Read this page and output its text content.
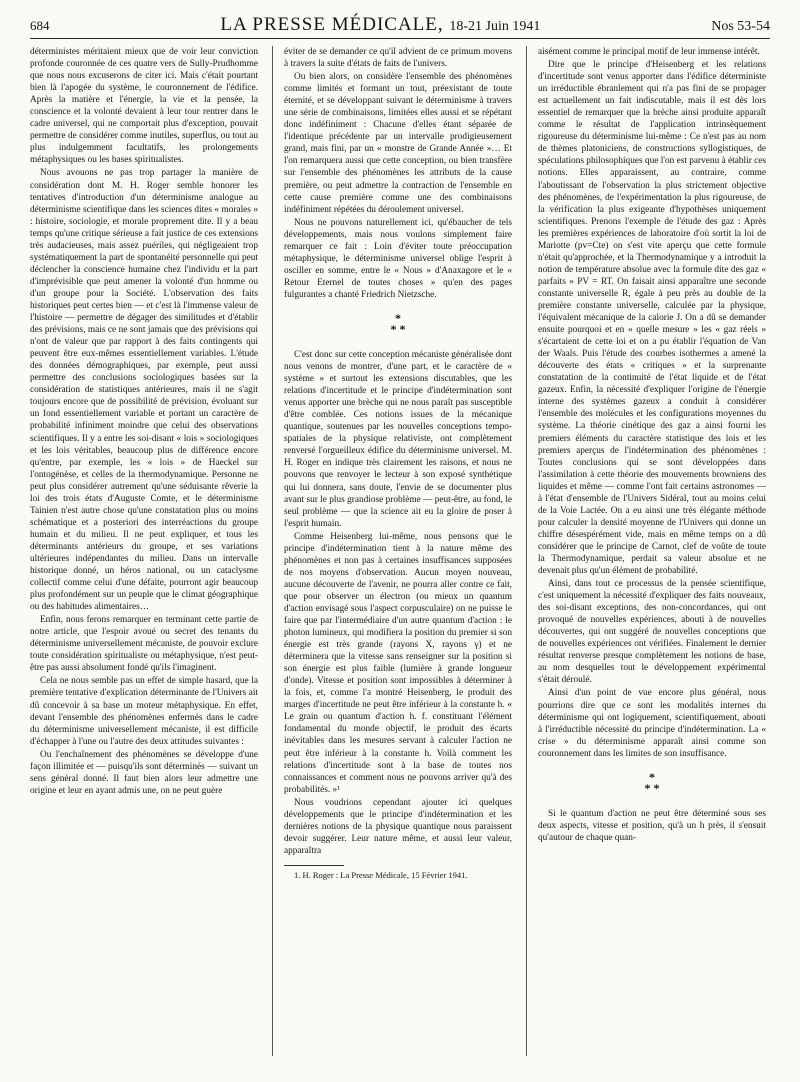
684	LA PRESSE MÉDICALE, 18-21 Juin 1941	Nos 53-54

déterministes méritaient mieux que de voir leur conviction profonde couronnée de ces quatre vers de Sully-Prudhomme que nous nous excuserons de citer ici. Mais c'était pourtant bien là l'apogée du système, le couronnement de l'édifice. Après la matière et l'énergie, la vie et la pensée, la conscience et la volonté devaient à leur tour rentrer dans le cadre universel, qui ne comportait plus d'exception, pouvait permettre de considérer comme inutiles, superflus, ou tout au plus indulgemment facultatifs, les prolongements métaphysiques ou les bases spiritualistes.

Nous avouons ne pas trop partager la manière de considération dont M. H. Roger semble honorer les tentatives d'introduction d'un déterminisme analogue au déterminisme scientifique dans les sciences dites « morales » : histoire, sociologie, et morale proprement dite. Il y a beau temps qu'une critique sérieuse a fait justice de ces extensions très audacieuses, mais assez puériles, qui négligeaient trop systématiquement la part de spontanéité personnelle qui peut déclencher la conscience humaine chez l'individu et la part d'imprévisible que peut amener la volonté d'un homme ou d'un groupe pour la Société. L'observation des faits historiques peut certes bien — et c'est là l'immense valeur de l'histoire — permettre de dégager des similitudes et d'établir des prévisions, mais ce ne sont jamais que des prévisions qui n'ont de valeur que par rapport à des faits contingents qui peuvent être eux-mêmes essentiellement variables. L'étude des données démographiques, par exemple, peut aussi permettre des conclusions sociologiques basées sur la considération de statistiques antérieures, mais il ne s'agit toujours encore que de possibilité de prévision, évoluant sur un fond essentiellement variable et portant un caractère de probabilité infiniment moindre que celui des observations scientifiques. Il y a entre les soi-disant « lois » sociologiques et les lois véritables, beaucoup plus de différence encore qu'entre, par exemple, les « lois » de Haeckel sur l'ontogénèse, et celles de la thermodynamique. Personne ne peut plus considérer autrement qu'une séduisante rêverie la loi des trois états d'Auguste Comte, et le déterminisme Tainien n'est autre chose qu'une constatation plus ou moins schématique et a posteriori des interréactions du groupe humain et du milieu. Il ne peut expliquer, et tous les déterminants antérieurs du groupe, et ses variations ultérieures indépendantes du milieu. Dans un intervalle historique donné, un héros national, ou un cataclysme collectif comme celui d'une défaite, pourront agir beaucoup plus profondément sur un peuple que le climat géographique ou des habitudes alimentaires…

Enfin, nous ferons remarquer en terminant cette partie de notre article, que l'espoir avoué ou secret des tenants du déterminisme universellement mécaniste, de pouvoir exclure toute considération spiritualiste ou métaphysique, n'est peut-être pas aussi absolument fondé qu'ils l'imaginent.

Cela ne nous semble pas un effet de simple hasard, que la première tentative d'explication déterminante de l'Univers ait dû concevoir à sa base un moteur métaphysique. En effet, devant l'ensemble des phénomènes enfermés dans le cadre du déterminisme universellement mécaniste, il est difficile d'échapper à l'une ou l'autre des deux attitudes suivantes :

Ou l'enchaînement des phénomènes se développe d'une façon illimitée et — puisqu'ils sont déterminés — suivant un sens général donné. Il faut bien alors leur admettre une origine et leur en ayant admis une, on ne peut guère

éviter de se demander ce qu'il advient de ce primum movens à travers la suite d'états de faits de l'univers.

Ou bien alors, on considère l'ensemble des phénomènes comme limités et formant un tout, préexistant de toute éternité, et se développant suivant le déterminisme à travers une série de combinaisons, limitées elles aussi et se répétant donc indéfiniment : Chacune d'elles étant séparée de l'identique précédente par un intervalle prodigieusement grand, mais fini, par un « monstre de Grande Année »… Et l'on remarquera aussi que cette conception, ou bien transfère sur l'ensemble des phénomènes les attributs de la cause première, ou peut admettre la contraction de l'ensemble en cette cause première comme une des combinaisons indéfiniment répétées du déroulement universel.

Nous ne pouvons naturellement ici, qu'ébaucher de tels développements, mais nous voulons simplement faire remarquer ce fait : Loin d'éviter toute préoccupation métaphysique, le déterminisme universel oblige l'esprit à osciller en somme, entre le « Nous » d'Anaxagore et le « Retour Eternel de toutes choses » qu'en des pages fulgurantes a chanté Friedrich Nietzsche.

*
* *

C'est donc sur cette conception mécaniste généralisée dont nous venons de montrer, d'une part, et le caractère de « système » et surtout les extensions discutables, que les relations d'incertitude et le principe d'indétermination sont venus apporter une brèche qui ne nous paraît pas susceptible d'être comblée. Ces notions issues de la mécanique quantique, soutenues par les nouvelles conceptions tempo-spatiales de la physique relativiste, ont complètement renversé l'orgueilleux édifice du déterminisme universel. M. H. Roger en indique très clairement les raisons, et nous ne pouvons que renvoyer le lecteur à son exposé synthétique qui lui donnera, sans doute, l'envie de se documenter plus avant sur le plus grandiose problème — peut-être, au fond, le seul problème — que la science ait eu la gloire de poser à l'esprit humain.

Comme Heisenberg lui-même, nous pensons que le principe d'indétermination tient à la nature même des phénomènes et non pas à certaines insuffisances supposées de nos moyens d'observation. Aucun moyen nouveau, aucune découverte de l'avenir, ne pourra aller contre ce fait, que pour observer un électron (ou mieux un quantum d'action envisagé sous l'aspect corpusculaire) on ne puisse le faire que par l'intermédiaire d'un autre quantum d'action : le photon lumineux, qui modifiera la position du premier si son énergie est très grande (rayons X, rayons γ) et ne déterminera que la vitesse sans renseigner sur la position si son énergie est plus faible (lumière à grande longueur d'onde). Vitesse et position sont impossibles à déterminer à la fois, et, comme l'a montré Heisenberg, le produit des marges d'incertitude ne peut être inférieur à la constante h. « Le grain ou quantum d'action h. f. constituant l'élément fondamental du monde objectif, le produit des écarts inévitables dans les mesures servant à calculer l'action ne peut être inférieur à la constante h. Voilà comment les relations d'incertitude sont à la base de toutes nos connaissances et comment nous ne pouvons arriver qu'à des probabilités. »¹

Nous voudrions cependant ajouter ici quelques développements que le principe d'indétermination et les dernières notions de la physique quantique nous paraissent devoir suggérer. Leur nature même, et aussi leur valeur, apparaîtra

1. H. Roger : La Presse Médicale, 15 Février 1941.

aisément comme le principal motif de leur immense intérêt.

Dire que le principe d'Heisenberg et les relations d'incertitude sont venus apporter dans l'édifice déterministe un irréductible ébranlement qui n'a pas fini de se propager est actuellement un fait indiscutable, mais il est dès lors essentiel de remarquer que la brèche ainsi produite apparaît comme le résultat de l'application intrinsèquement rigoureuse du déterminisme lui-même : Ce n'est pas au nom de thèmes platoniciens, de constructions syllogistiques, de spéculations philosophiques que l'on est parvenu à établir ces notions. Elles apparaissent, au contraire, comme l'aboutissant de l'observation la plus strictement objective des phénomènes, de l'expérimentation la plus rigoureuse, de la vérification la plus exigeante d'hypothèses uniquement scientifiques. Prenons l'exemple de l'étude des gaz : Après les premières expériences de laboratoire d'où sortit la loi de Mariotte (pv=Cte) on s'est vite aperçu que cette formule n'était qu'approchée, et la Thermodynamique y a introduit la notion de température absolue avec la formule dite des gaz « parfaits » PV = RT. On faisait ainsi apparaître une seconde constante universelle R, égale à peu près au double de la première constante universelle, calculée par la physique, l'équivalent mécanique de la calorie J. On a dû se demander ensuite pourquoi et en « quelle mesure » les « gaz réels » s'écartaient de cette loi et on a pu établir l'équation de Van der Waals. Puis l'étude des courbes isothermes a amené la découverte des états « critiques » et la surprenante constatation de la continuité de l'état liquide et de l'état gazeux. Enfin, la nécessité d'expliquer l'origine de l'énergie interne des systèmes gazeux a conduit à considérer l'ensemble des molécules et les configurations moyennes du système. La théorie cinétique des gaz a ainsi fourni les premiers éléments du caractère statistique des lois et les premiers aperçus de l'indétermination des phénomènes : Toutes conclusions qui se sont développées dans l'assimilation à cette théorie des mouvements browniens des liquides et même — comme l'ont fait certains astronomes — à l'état d'ensemble de l'Univers Sidéral, tout au moins celui de la Voie Lactée. On a eu ainsi une très élégante méthode pour calculer la densité moyenne de l'Univers qui donne un chiffre désespérément vide, mais en même temps on a dû considérer que le principe de Carnot, clef de voûte de toute la Thermodynamique, perdait sa valeur absolue et ne devenait plus qu'un élément de probabilité.

Ainsi, dans tout ce processus de la pensée scientifique, c'est uniquement la nécessité d'expliquer des faits nouveaux, des soi-disant exceptions, des non-concordances, qui ont provoqué de nouvelles expériences, abouti à de nouvelles découvertes, qui ont suggéré de nouvelles conceptions que de nouvelles expériences ont vérifiées. Finalement le dernier résultat renverse presque complètement les notions de base, au nom desquelles tout le développement expérimental s'était déroulé.

Ainsi d'un point de vue encore plus général, nous pourrions dire que ce sont les modalités internes du déterminisme qui ont logiquement, scientifiquement, abouti à l'irréductible nécessité du principe d'indétermination. La « crise » du déterminisme apparaît ainsi comme son couronnement dans les limites de son insuffisance.

*
* *

Si le quantum d'action ne peut être déterminé sous ses deux aspects, vitesse et position, qu'à un h près, il s'ensuit qu'autour de chaque quan-
